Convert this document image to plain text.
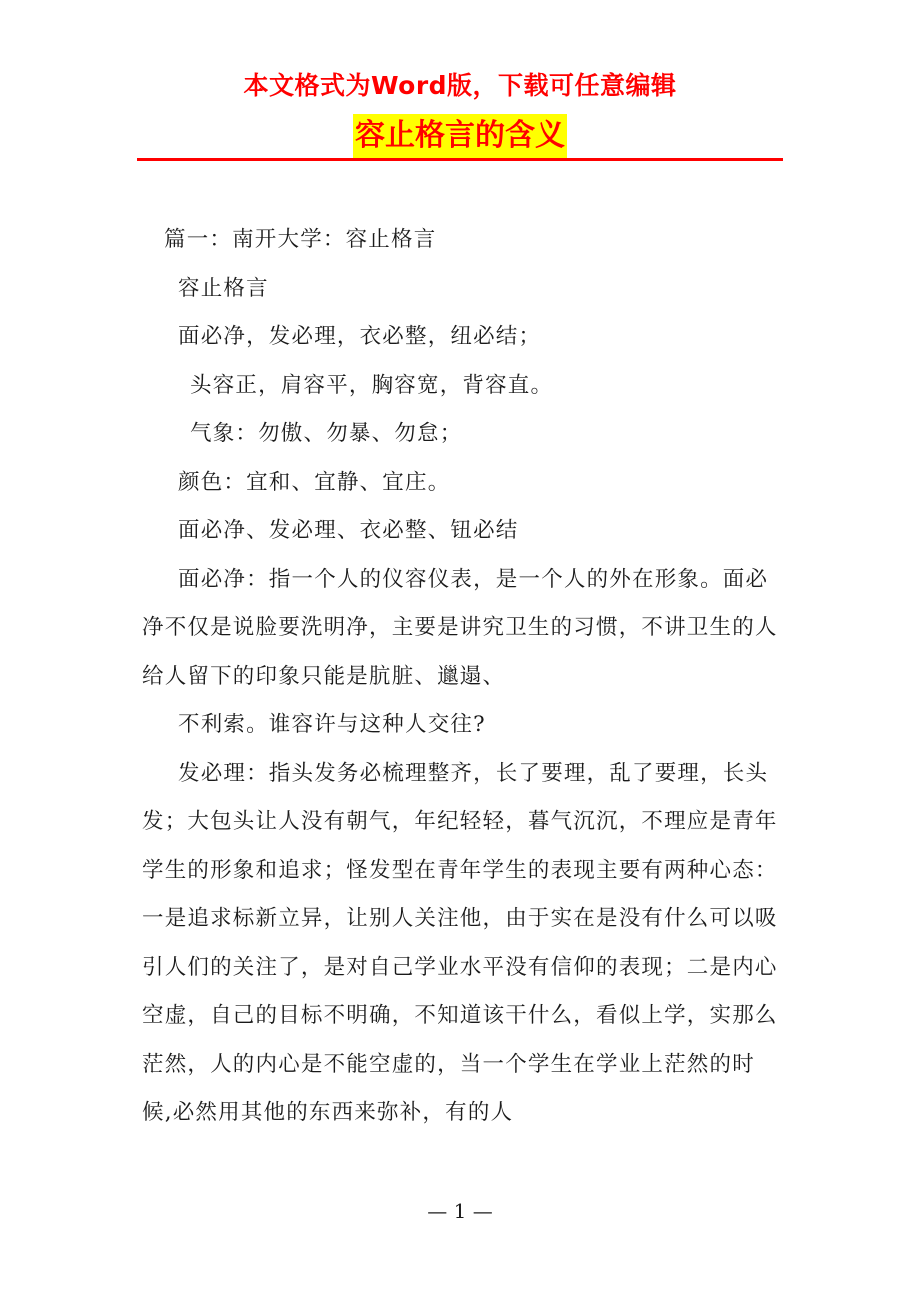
本文格式为Word版，下载可任意编辑
容止格言的含义

篇一：南开大学：容止格言

容止格言

面必净，发必理，衣必整，纽必结；

头容正，肩容平，胸容宽，背容直。

气象：勿傲、勿暴、勿怠；

颜色：宜和、宜静、宜庄。

面必净、发必理、衣必整、钮必结

面必净：指一个人的仪容仪表，是一个人的外在形象。面必净不仅是说脸要洗明净，主要是讲究卫生的习惯，不讲卫生的人给人留下的印象只能是肮脏、邋遢、

不利索。谁容许与这种人交往?

发必理：指头发务必梳理整齐，长了要理，乱了要理，长头发；大包头让人没有朝气，年纪轻轻，暮气沉沉，不理应是青年学生的形象和追求；怪发型在青年学生的表现主要有两种心态：一是追求标新立异，让别人关注他，由于实在是没有什么可以吸引人们的关注了，是对自己学业水平没有信仰的表现；二是内心空虚，自己的目标不明确，不知道该干什么，看似上学，实那么茫然，人的内心是不能空虚的，当一个学生在学业上茫然的时候,必然用其他的东西来弥补，有的人

— 1 —
